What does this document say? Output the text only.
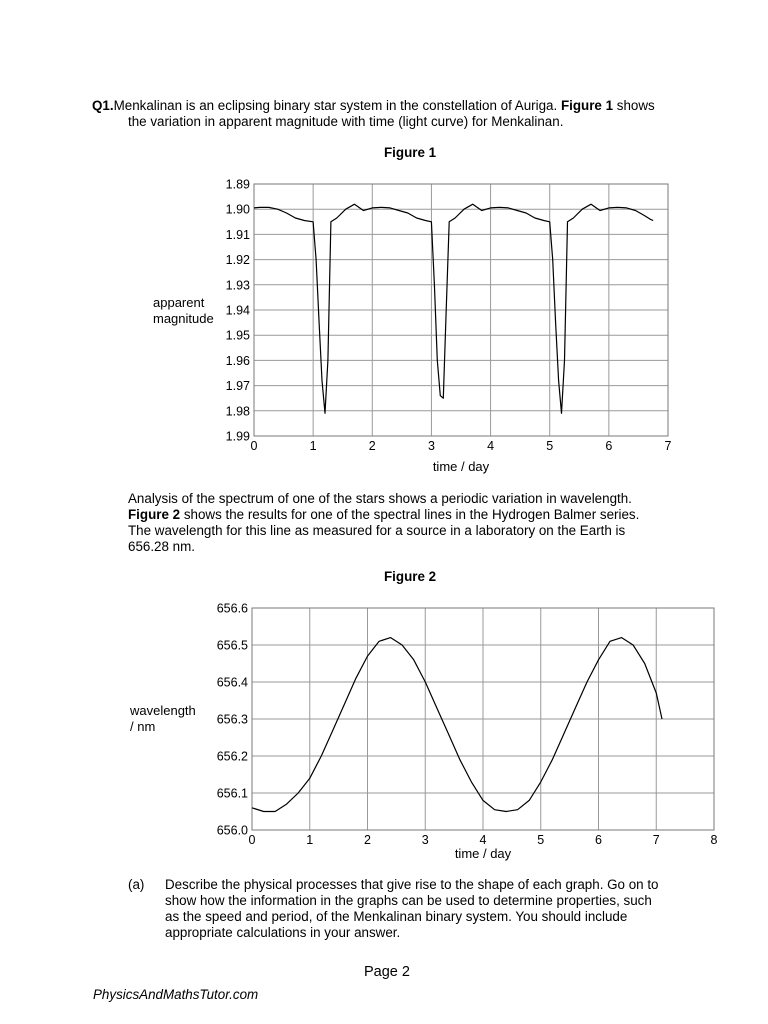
Q1.Menkalinan is an eclipsing binary star system in the constellation of Auriga. Figure 1 shows
the variation in apparent magnitude with time (light curve) for Menkalinan.
Figure 1
0	1	2	3	4	5	6	7
1.89
1.90
1.91
1.92
1.93
1.94
1.95
1.96
1.97
1.98
1.99
time / day
apparent
magnitude
Analysis of the spectrum of one of the stars shows a periodic variation in wavelength.
Figure 2 shows the results for one of the spectral lines in the Hydrogen Balmer series.
The wavelength for this line as measured for a source in a laboratory on the Earth is
656.28 nm.
Figure 2
0	1	2	3	4	5	6	7	8
656.0
656.1
656.2
656.3
656.4
656.5
656.6
time / day
wavelength
/ nm
(a) Describe the physical processes that give rise to the shape of each graph. Go on to
show how the information in the graphs can be used to determine properties, such
as the speed and period, of the Menkalinan binary system. You should include
appropriate calculations in your answer.
Page 2
PhysicsAndMathsTutor.com
